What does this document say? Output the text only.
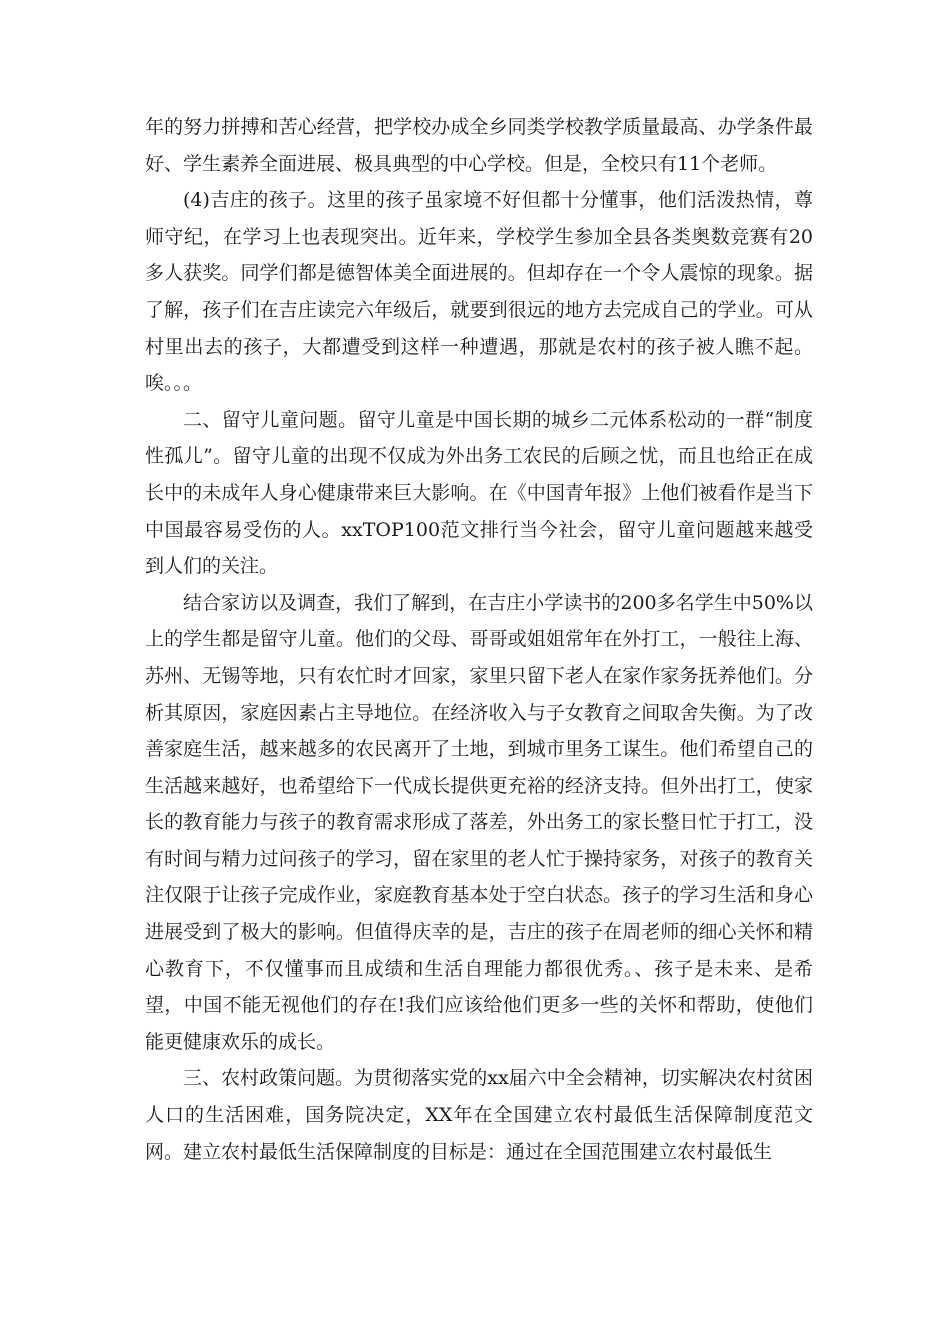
年的努力拼搏和苦心经营，把学校办成全乡同类学校教学质量最高、办学条件最好、学生素养全面进展、极具典型的中心学校。但是，全校只有11个老师。

(4)吉庄的孩子。这里的孩子虽家境不好但都十分懂事，他们活泼热情，尊师守纪，在学习上也表现突出。近年来，学校学生参加全县各类奥数竞赛有20多人获奖。同学们都是德智体美全面进展的。但却存在一个令人震惊的现象。据了解，孩子们在吉庄读完六年级后，就要到很远的地方去完成自己的学业。可从村里出去的孩子，大都遭受到这样一种遭遇，那就是农村的孩子被人瞧不起。唉。。。

二、留守儿童问题。留守儿童是中国长期的城乡二元体系松动的一群“制度性孤儿”。留守儿童的出现不仅成为外出务工农民的后顾之忧，而且也给正在成长中的未成年人身心健康带来巨大影响。在《中国青年报》上他们被看作是当下中国最容易受伤的人。xxTOP100范文排行当今社会，留守儿童问题越来越受到人们的关注。

结合家访以及调查，我们了解到，在吉庄小学读书的200多名学生中50%以上的学生都是留守儿童。他们的父母、哥哥或姐姐常年在外打工，一般往上海、苏州、无锡等地，只有农忙时才回家，家里只留下老人在家作家务抚养他们。分析其原因，家庭因素占主导地位。在经济收入与子女教育之间取舍失衡。为了改善家庭生活，越来越多的农民离开了土地，到城市里务工谋生。他们希望自己的生活越来越好，也希望给下一代成长提供更充裕的经济支持。但外出打工，使家长的教育能力与孩子的教育需求形成了落差，外出务工的家长整日忙于打工，没有时间与精力过问孩子的学习，留在家里的老人忙于操持家务，对孩子的教育关注仅限于让孩子完成作业，家庭教育基本处于空白状态。孩子的学习生活和身心进展受到了极大的影响。但值得庆幸的是，吉庄的孩子在周老师的细心关怀和精心教育下，不仅懂事而且成绩和生活自理能力都很优秀。、孩子是未来、是希望，中国不能无视他们的存在!我们应该给他们更多一些的关怀和帮助，使他们能更健康欢乐的成长。

三、农村政策问题。为贯彻落实党的xx届六中全会精神，切实解决农村贫困人口的生活困难，国务院决定，XX年在全国建立农村最低生活保障制度范文网。建立农村最低生活保障制度的目标是：通过在全国范围建立农村最低生
